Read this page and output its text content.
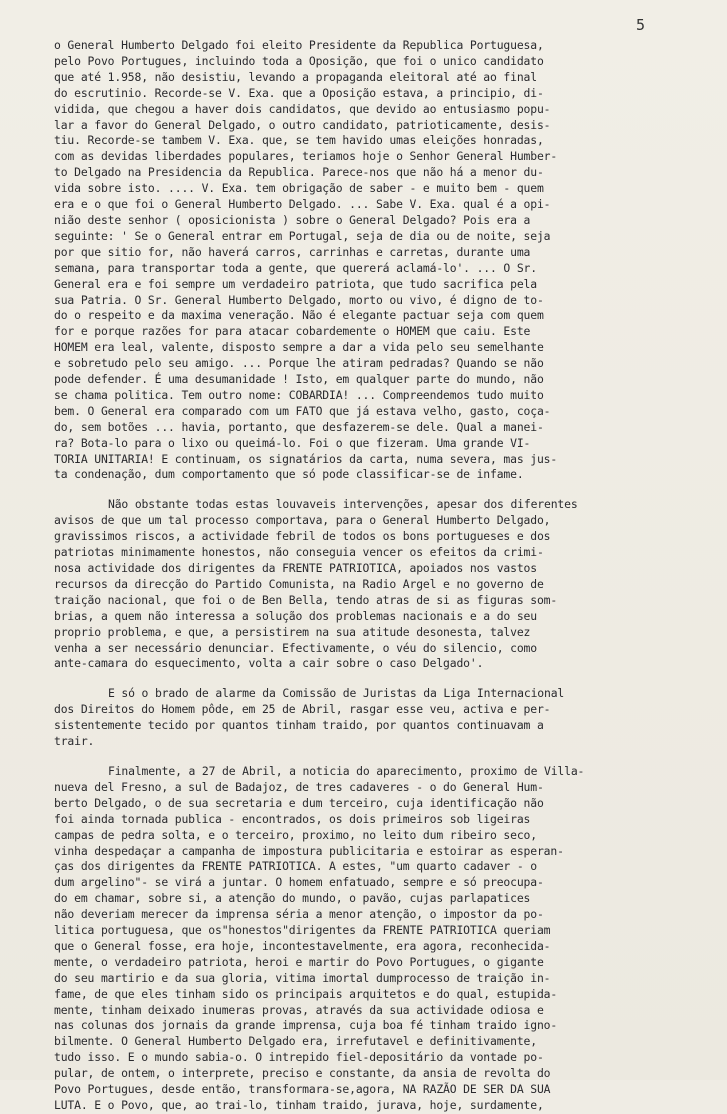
5

o General Humberto Delgado foi eleito Presidente da Republica Portuguesa,
pelo Povo Portugues, incluindo toda a Oposição, que foi o unico candidato
que até 1.958, não desistiu, levando a propaganda eleitoral até ao final
do escrutinio. Recorde-se V. Exa. que a Oposição estava, a principio, di-
vidida, que chegou a haver dois candidatos, que devido ao entusiasmo popu-
lar a favor do General Delgado, o outro candidato, patrioticamente, desis-
tiu. Recorde-se tambem V. Exa. que, se tem havido umas eleições honradas,
com as devidas liberdades populares, teriamos hoje o Senhor General Humber-
to Delgado na Presidencia da Republica. Parece-nos que não há a menor du-
vida sobre isto. .... V. Exa. tem obrigação de saber - e muito bem - quem
era e o que foi o General Humberto Delgado. ... Sabe V. Exa. qual é a opi-
nião deste senhor ( oposicionista ) sobre o General Delgado? Pois era a
seguinte: ' Se o General entrar em Portugal, seja de dia ou de noite, seja
por que sitio for, não haverá carros, carrinhas e carretas, durante uma
semana, para transportar toda a gente, que quererá aclamá-lo'. ... O Sr.
General era e foi sempre um verdadeiro patriota, que tudo sacrifica pela
sua Patria. O Sr. General Humberto Delgado, morto ou vivo, é digno de to-
do o respeito e da maxima veneração. Não é elegante pactuar seja com quem
for e porque razões for para atacar cobardemente o HOMEM que caiu. Este
HOMEM era leal, valente, disposto sempre a dar a vida pelo seu semelhante
e sobretudo pelo seu amigo. ... Porque lhe atiram pedradas? Quando se não
pode defender. É uma desumanidade ! Isto, em qualquer parte do mundo, não
se chama politica. Tem outro nome: COBARDIA! ... Compreendemos tudo muito
bem. O General era comparado com um FATO que já estava velho, gasto, coça-
do, sem botões ... havia, portanto, que desfazerem-se dele. Qual a manei-
ra? Bota-lo para o lixo ou queimá-lo. Foi o que fizeram. Uma grande VI-
TORIA UNITARIA! E continuam, os signatários da carta, numa severa, mas jus-
ta condenação, dum comportamento que só pode classificar-se de infame.

Não obstante todas estas louvaveis intervenções, apesar dos diferentes
avisos de que um tal processo comportava, para o General Humberto Delgado,
gravissimos riscos, a actividade febril de todos os bons portugueses e dos
patriotas minimamente honestos, não conseguia vencer os efeitos da crimi-
nosa actividade dos dirigentes da FRENTE PATRIOTICA, apoiados nos vastos
recursos da direcção do Partido Comunista, na Radio Argel e no governo de
traição nacional, que foi o de Ben Bella, tendo atras de si as figuras som-
brias, a quem não interessa a solução dos problemas nacionais e a do seu
proprio problema, e que, a persistirem na sua atitude desonesta, talvez
venha a ser necessário denunciar. Efectivamente, o véu do silencio, como
ante-camara do esquecimento, volta a cair sobre o caso Delgado'.

E só o brado de alarme da Comissão de Juristas da Liga Internacional
dos Direitos do Homem pôde, em 25 de Abril, rasgar esse veu, activa e per-
sistentemente tecido por quantos tinham traido, por quantos continuavam a
trair.

Finalmente, a 27 de Abril, a noticia do aparecimento, proximo de Villa-
nueva del Fresno, a sul de Badajoz, de tres cadaveres - o do General Hum-
berto Delgado, o de sua secretaria e dum terceiro, cuja identificação não
foi ainda tornada publica - encontrados, os dois primeiros sob ligeiras
campas de pedra solta, e o terceiro, proximo, no leito dum ribeiro seco,
vinha despedaçar a campanha de impostura publicitaria e estoirar as esperan-
ças dos dirigentes da FRENTE PATRIOTICA. A estes, "um quarto cadaver - o
dum argelino"- se virá a juntar. O homem enfatuado, sempre e só preocupa-
do em chamar, sobre si, a atenção do mundo, o pavão, cujas parlapatices
não deveriam merecer da imprensa séria a menor atenção, o impostor da po-
litica portuguesa, que os"honestos"dirigentes da FRENTE PATRIOTICA queriam
que o General fosse, era hoje, incontestavelmente, era agora, reconhecida-
mente, o verdadeiro patriota, heroi e martir do Povo Portugues, o gigante
do seu martirio e da sua gloria, vitima imortal dumprocesso de traição in-
fame, de que eles tinham sido os principais arquitetos e do qual, estupida-
mente, tinham deixado inumeras provas, através da sua actividade odiosa e
nas colunas dos jornais da grande imprensa, cuja boa fé tinham traido igno-
bilmente. O General Humberto Delgado era, irrefutavel e definitivamente,
tudo isso. E o mundo sabia-o. O intrepido fiel-depositário da vontade po-
pular, de ontem, o interprete, preciso e constante, da ansia de revolta do
Povo Portugues, desde então, transformara-se,agora, NA RAZÃO DE SER DA SUA
LUTA. E o Povo, que, ao trai-lo, tinham traido, jurava, hoje, surdamente,
